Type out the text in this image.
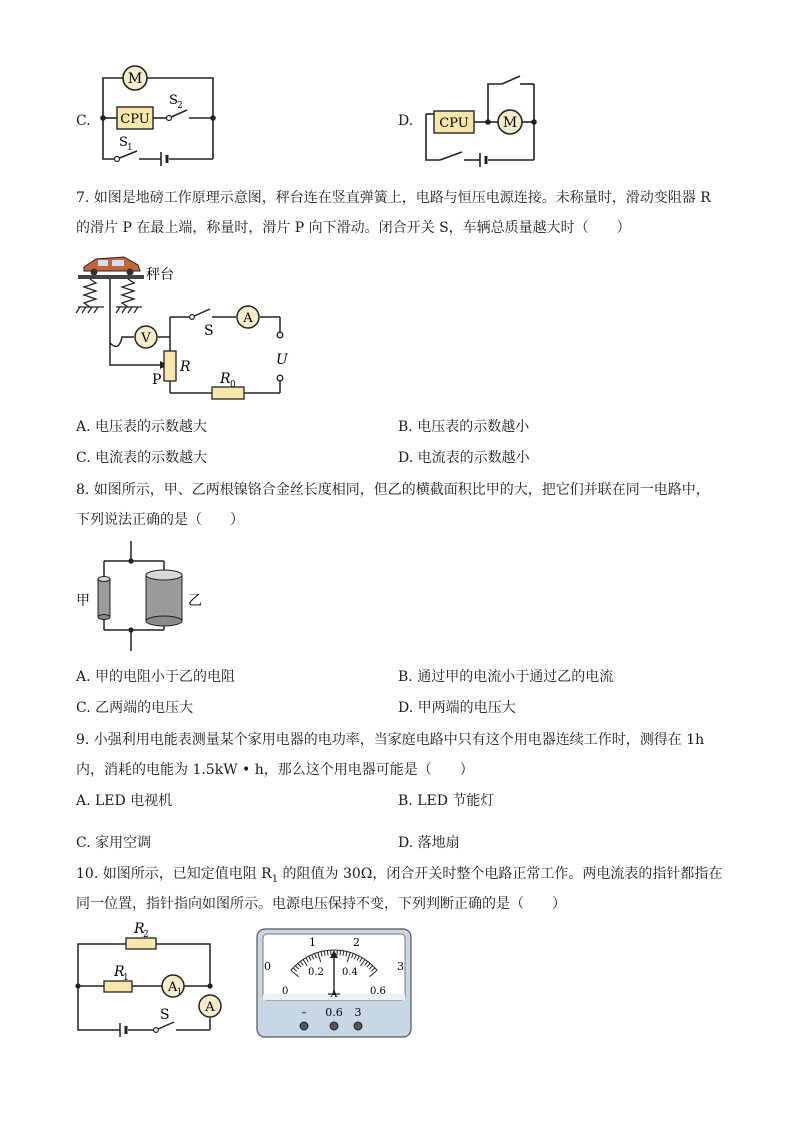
C.
M
CPU
S 2
S 1
D. CPU M
7. 如图是地磅工作原理示意图，秤台连在竖直弹簧上，电路与恒压电源连接。未称量时，滑动变阻器 R
的滑片 P 在最上端，称量时，滑片 P 向下滑动。闭合开关 S，车辆总质量越大时（　　）
秤台
V
A
S
R
P	R 0
U
A. 电压表的示数越大	B. 电压表的示数越小
C. 电流表的示数越大	D. 电流表的示数越小
8. 如图所示，甲、乙两根镍铬合金丝长度相同，但乙的横截面积比甲的大，把它们并联在同一电路中，
下列说法正确的是（　　）
甲	乙
A. 甲的电阻小于乙的电阻	B. 通过甲的电流小于通过乙的电流
C. 乙两端的电压大	D. 甲两端的电压大
9. 小强利用电能表测量某个家用电器的电功率，当家庭电路中只有这个用电器连续工作时，测得在 1h
内，消耗的电能为 1.5kW • h，那么这个用电器可能是（　　）
A. LED 电视机	B. LED 节能灯
C. 家用空调	D. 落地扇
10. 如图所示，已知定值电阻 $R_1$ 的阻值为 30Ω，闭合开关时整个电路正常工作。两电流表的指针都指在
同一位置，指针指向如图所示。电源电压保持不变，下列判断正确的是（　　）
R
2
R
1
A 1
A
S
A
0
1	2
3
0
0.2 0.4
0.6
– 0.6 3
